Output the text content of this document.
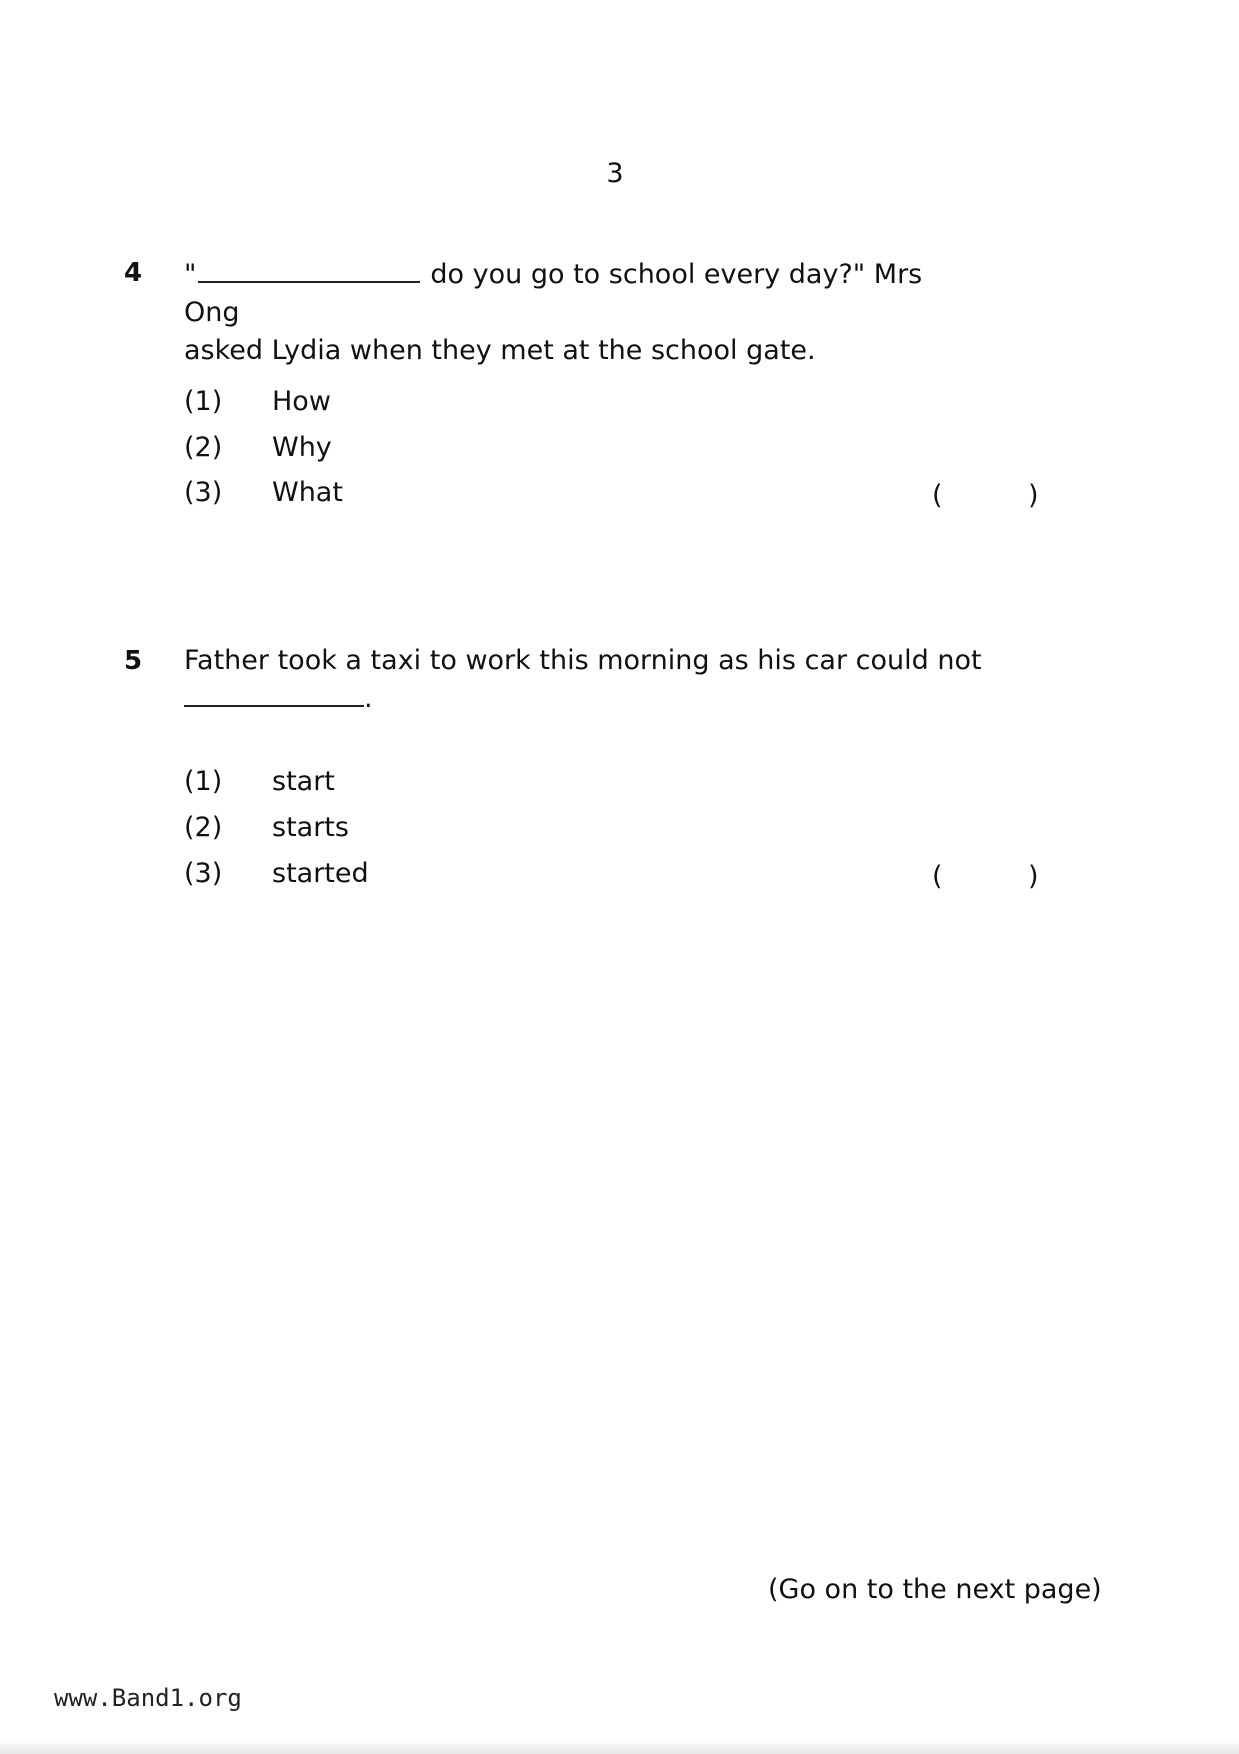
3
4 "	do you go to school every day?" Mrs Ong
asked Lydia when they met at the school gate.
(1) How
(2) Why
(3) What	(	)
5 Father took a taxi to work this morning as his car could not
.
(1) start
(2) starts
(3) started	(	)
(Go on to the next page)
www.Band1.org
